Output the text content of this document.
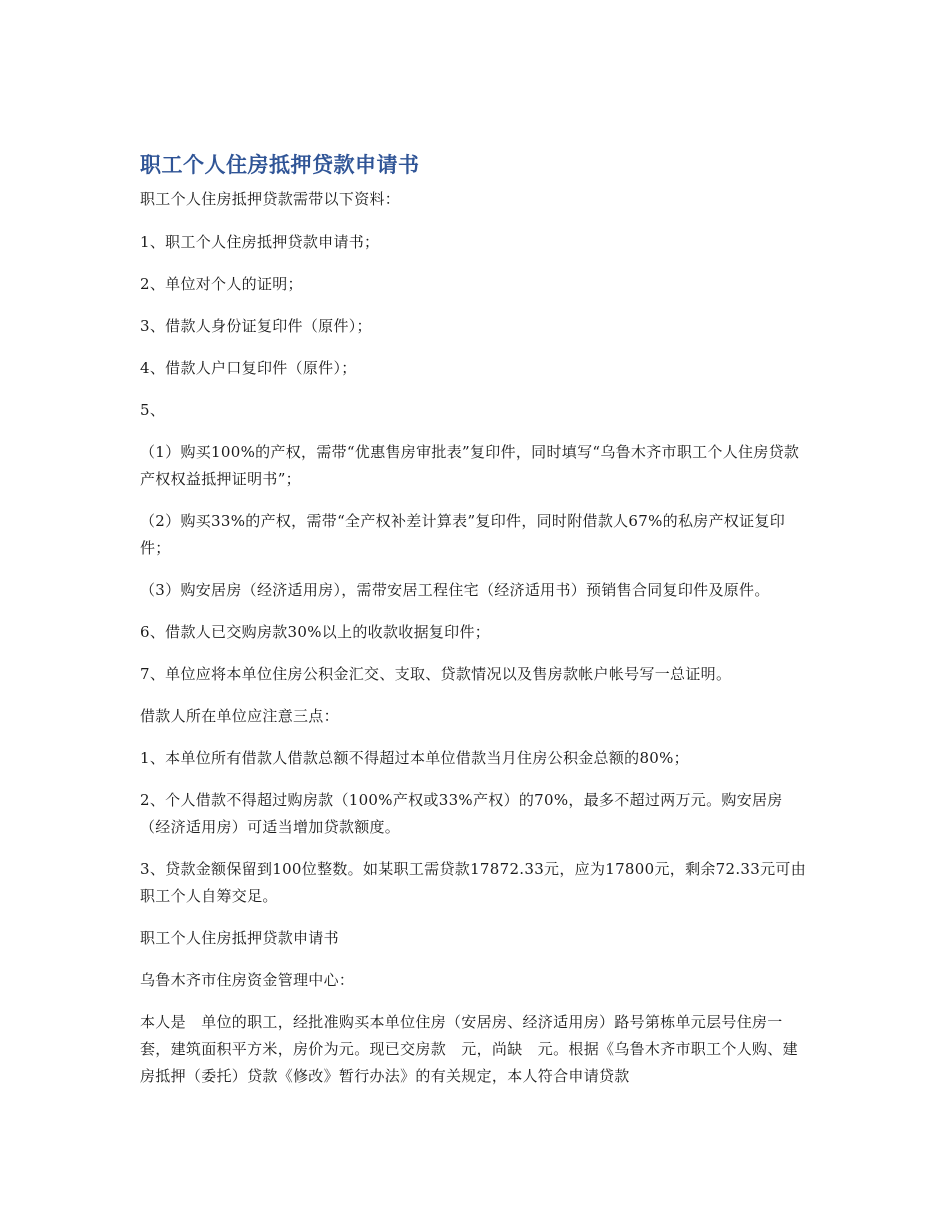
职工个人住房抵押贷款申请书

职工个人住房抵押贷款需带以下资料：

1、职工个人住房抵押贷款申请书；

2、单位对个人的证明；

3、借款人身份证复印件（原件）；

4、借款人户口复印件（原件）；

5、

（1）购买100%的产权，需带“优惠售房审批表”复印件，同时填写“乌鲁木齐市职工个人住房贷款产权权益抵押证明书”；

（2）购买33%的产权，需带“全产权补差计算表”复印件，同时附借款人67%的私房产权证复印件；

（3）购安居房（经济适用房），需带安居工程住宅（经济适用书）预销售合同复印件及原件。

6、借款人已交购房款30%以上的收款收据复印件；

7、单位应将本单位住房公积金汇交、支取、贷款情况以及售房款帐户帐号写一总证明。

借款人所在单位应注意三点：

1、本单位所有借款人借款总额不得超过本单位借款当月住房公积金总额的80%；

2、个人借款不得超过购房款（100%产权或33%产权）的70%，最多不超过两万元。购安居房（经济适用房）可适当增加贷款额度。

3、贷款金额保留到100位整数。如某职工需贷款17872.33元，应为17800元，剩余72.33元可由职工个人自筹交足。

职工个人住房抵押贷款申请书

乌鲁木齐市住房资金管理中心：

本人是　单位的职工，经批准购买本单位住房（安居房、经济适用房）路号第栋单元层号住房一套，建筑面积平方米，房价为元。现已交房款　元，尚缺　元。根据《乌鲁木齐市职工个人购、建房抵押（委托）贷款《修改》暂行办法》的有关规定，本人符合申请贷款
